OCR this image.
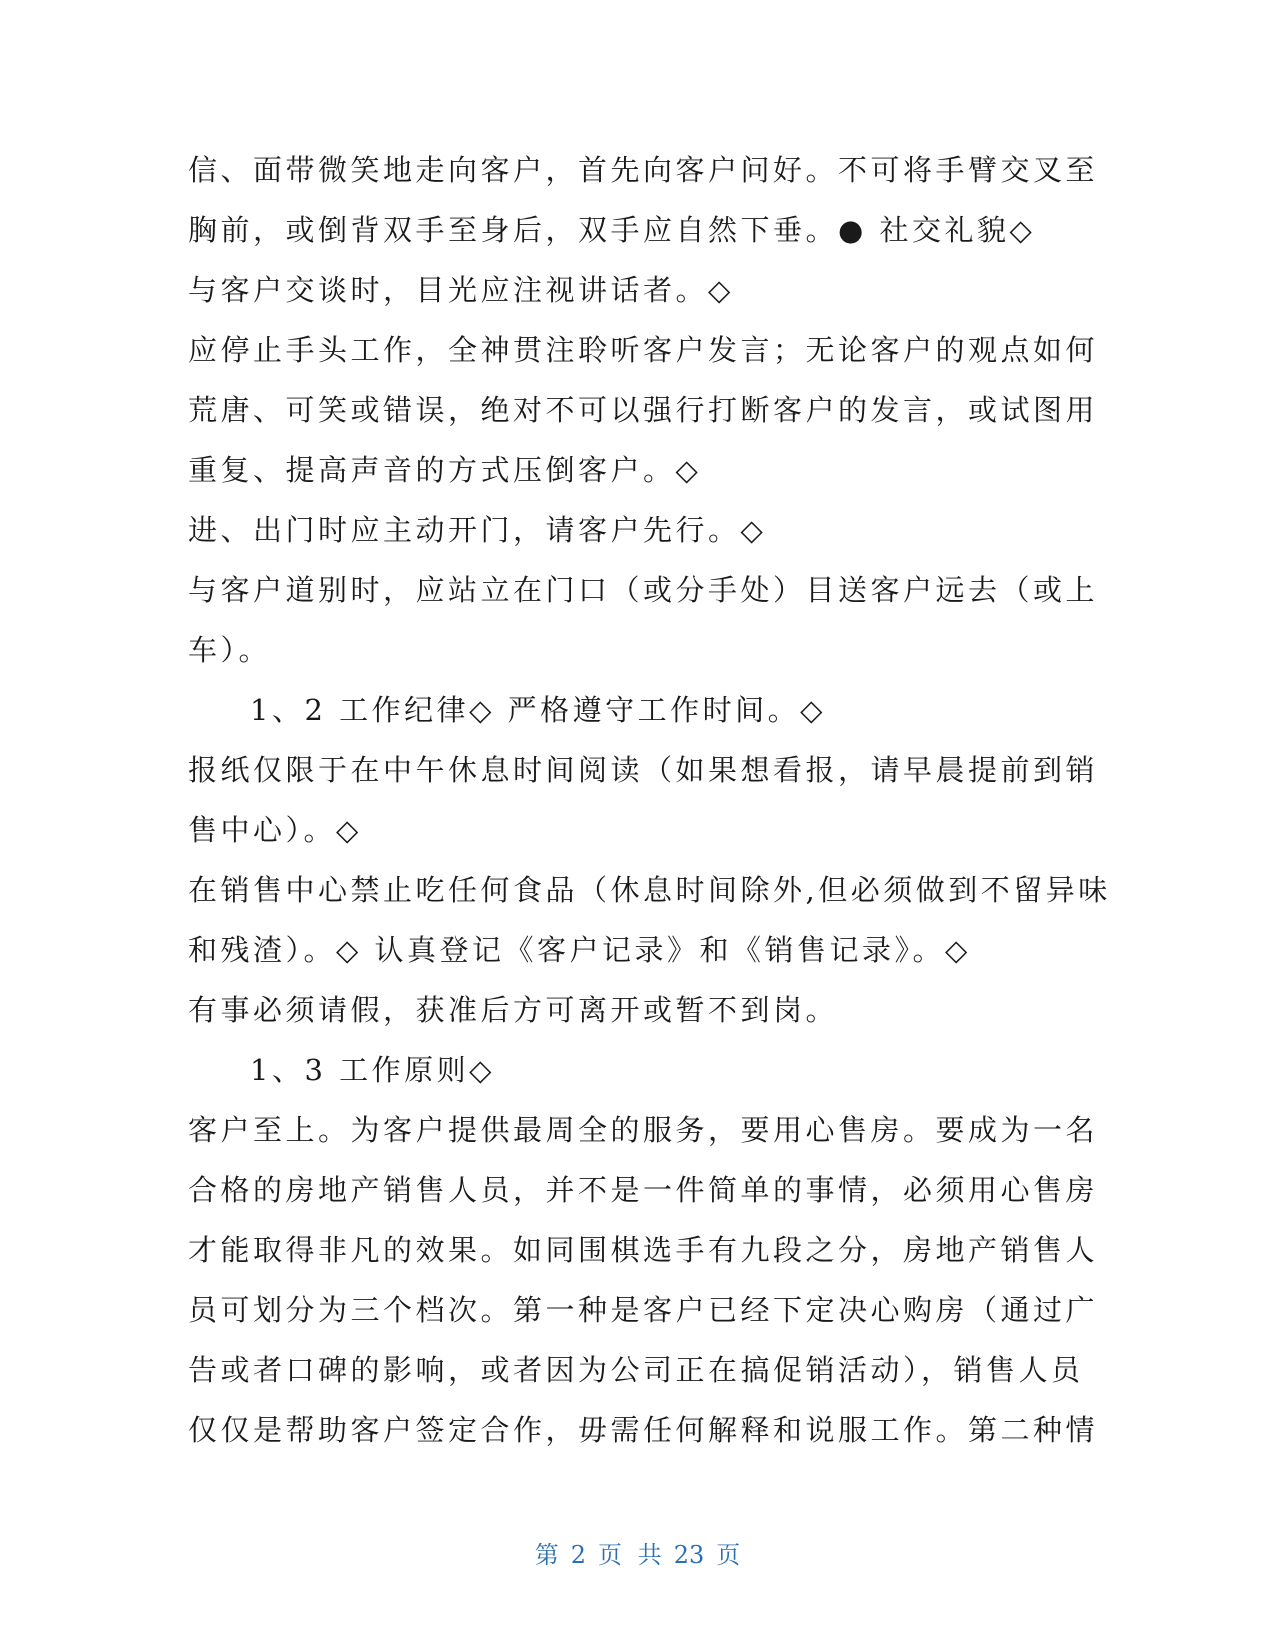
信、面带微笑地走向客户，首先向客户问好。不可将手臂交叉至
胸前，或倒背双手至身后，双手应自然下垂。● 社交礼貌◇
与客户交谈时，目光应注视讲话者。◇
应停止手头工作，全神贯注聆听客户发言；无论客户的观点如何
荒唐、可笑或错误，绝对不可以强行打断客户的发言，或试图用
重复、提高声音的方式压倒客户。◇
进、出门时应主动开门，请客户先行。◇
与客户道别时，应站立在门口（或分手处）目送客户远去（或上
车）。
1、2 工作纪律◇ 严格遵守工作时间。◇
报纸仅限于在中午休息时间阅读（如果想看报，请早晨提前到销
售中心）。◇
在销售中心禁止吃任何食品（休息时间除外,但必须做到不留异味
和残渣）。◇ 认真登记《客户记录》和《销售记录》。◇
有事必须请假，获准后方可离开或暂不到岗。
1、3 工作原则◇
客户至上。为客户提供最周全的服务，要用心售房。要成为一名
合格的房地产销售人员，并不是一件简单的事情，必须用心售房
才能取得非凡的效果。如同围棋选手有九段之分，房地产销售人
员可划分为三个档次。第一种是客户已经下定决心购房（通过广
告或者口碑的影响，或者因为公司正在搞促销活动），销售人员
仅仅是帮助客户签定合作，毋需任何解释和说服工作。第二种情
第 2 页 共 23 页
